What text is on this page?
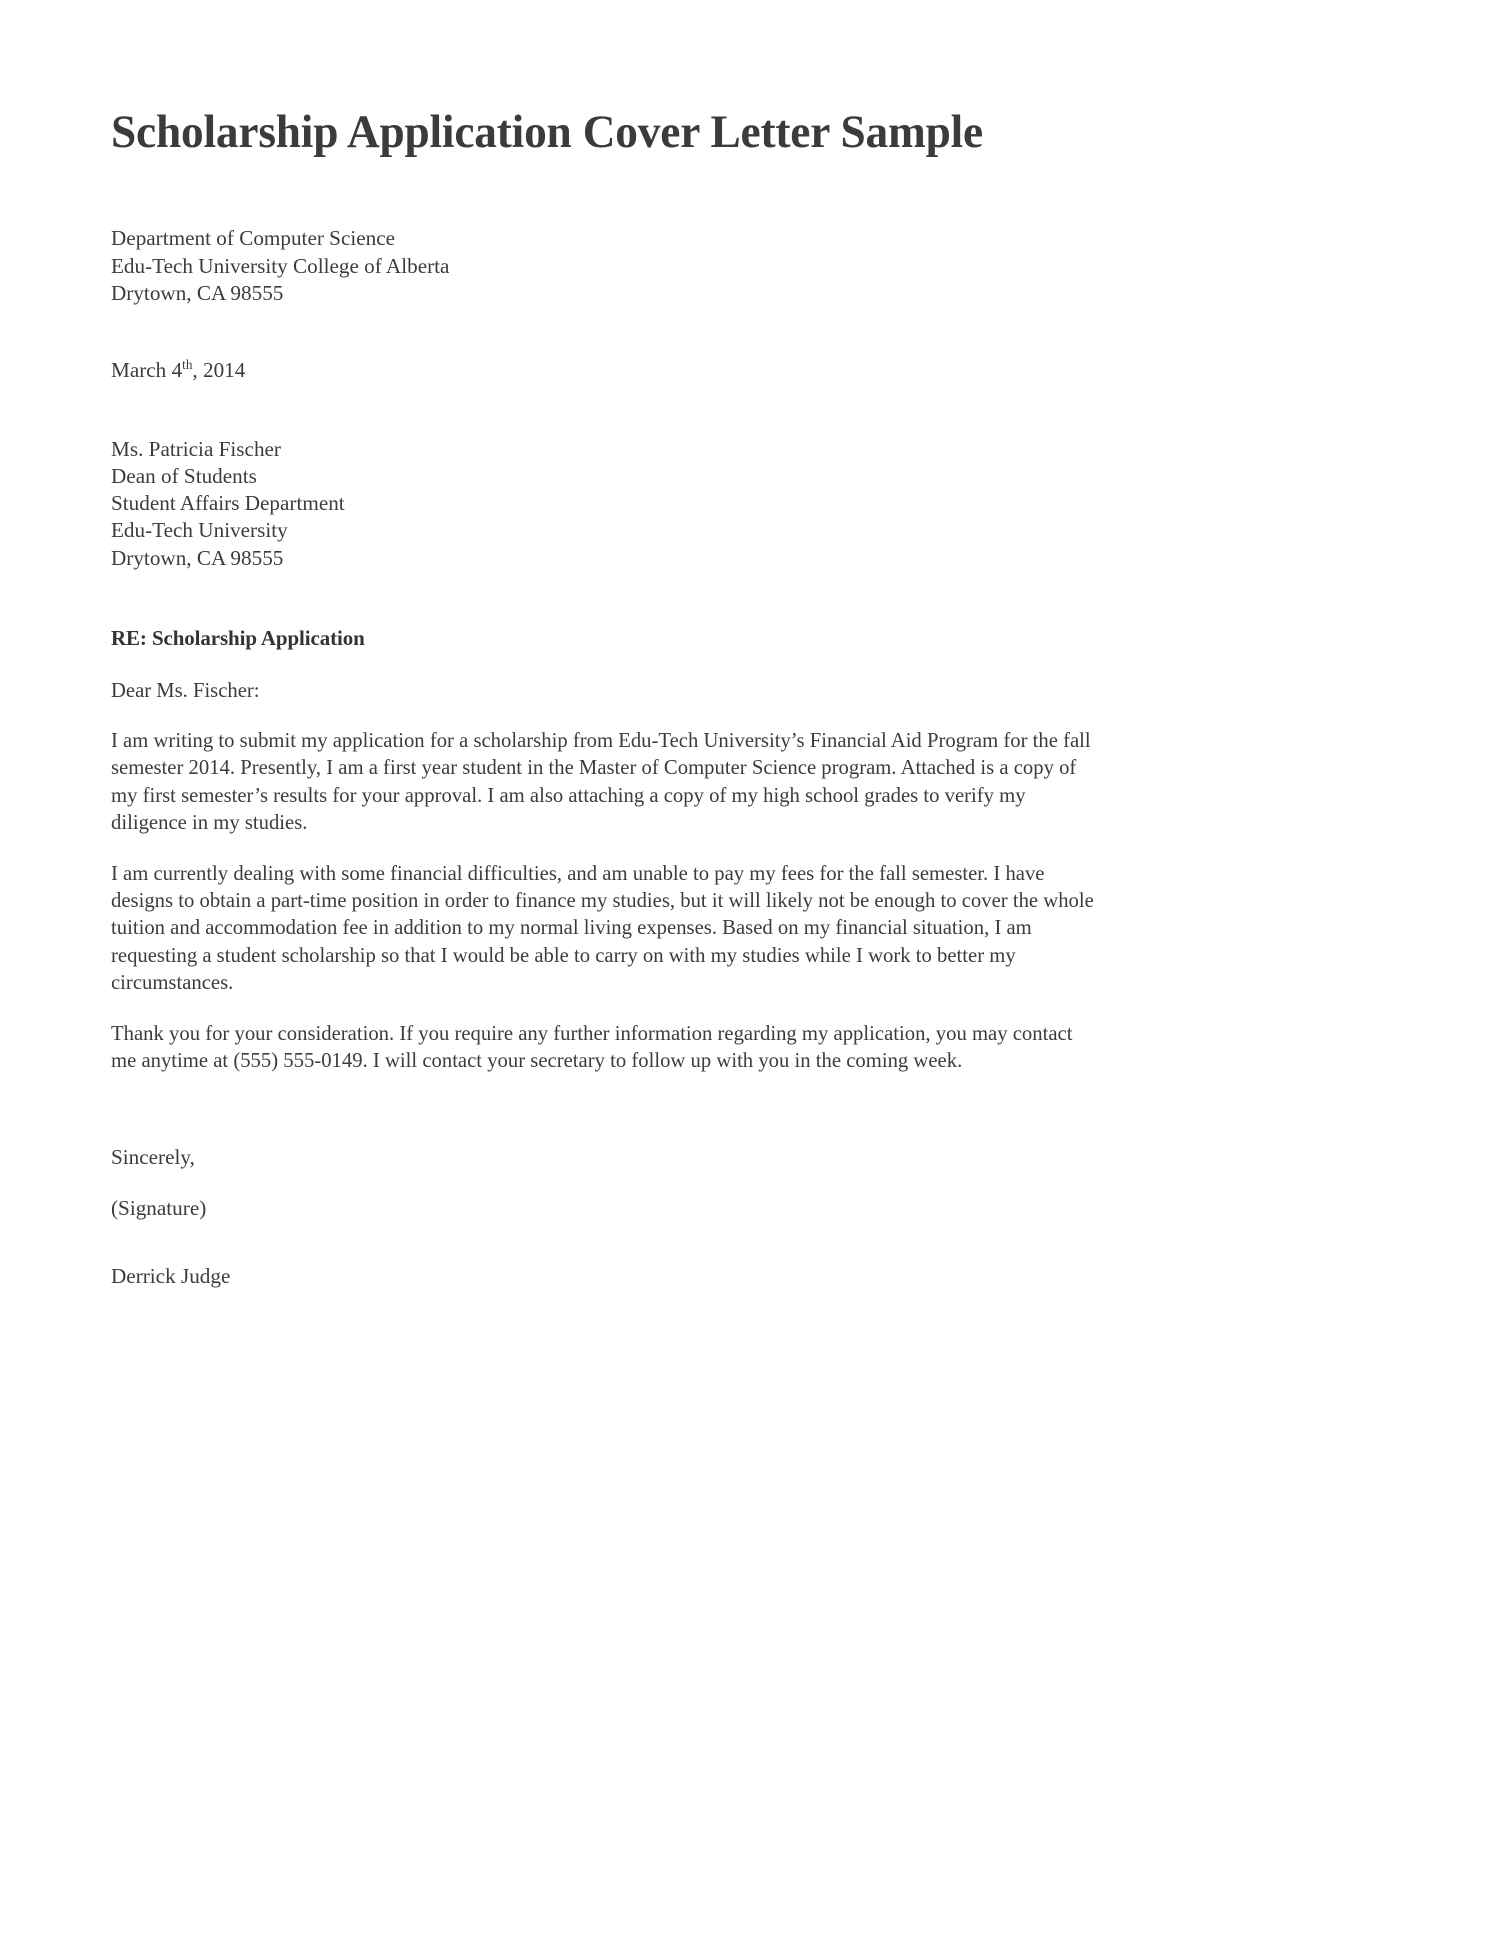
Scholarship Application Cover Letter Sample
Department of Computer Science
Edu-Tech University College of Alberta
Drytown, CA 98555
March 4th, 2014
Ms. Patricia Fischer
Dean of Students
Student Affairs Department
Edu-Tech University
Drytown, CA 98555
RE: Scholarship Application
Dear Ms. Fischer:

I am writing to submit my application for a scholarship from Edu-Tech University’s Financial Aid Program for the fall semester 2014. Presently, I am a first year student in the Master of Computer Science program. Attached is a copy of my first semester’s results for your approval. I am also attaching a copy of my high school grades to verify my diligence in my studies.

I am currently dealing with some financial difficulties, and am unable to pay my fees for the fall semester. I have designs to obtain a part-time position in order to finance my studies, but it will likely not be enough to cover the whole tuition and accommodation fee in addition to my normal living expenses. Based on my financial situation, I am requesting a student scholarship so that I would be able to carry on with my studies while I work to better my circumstances.

Thank you for your consideration. If you require any further information regarding my application, you may contact me anytime at (555) 555-0149. I will contact your secretary to follow up with you in the coming week.

Sincerely,
(Signature)
Derrick Judge
